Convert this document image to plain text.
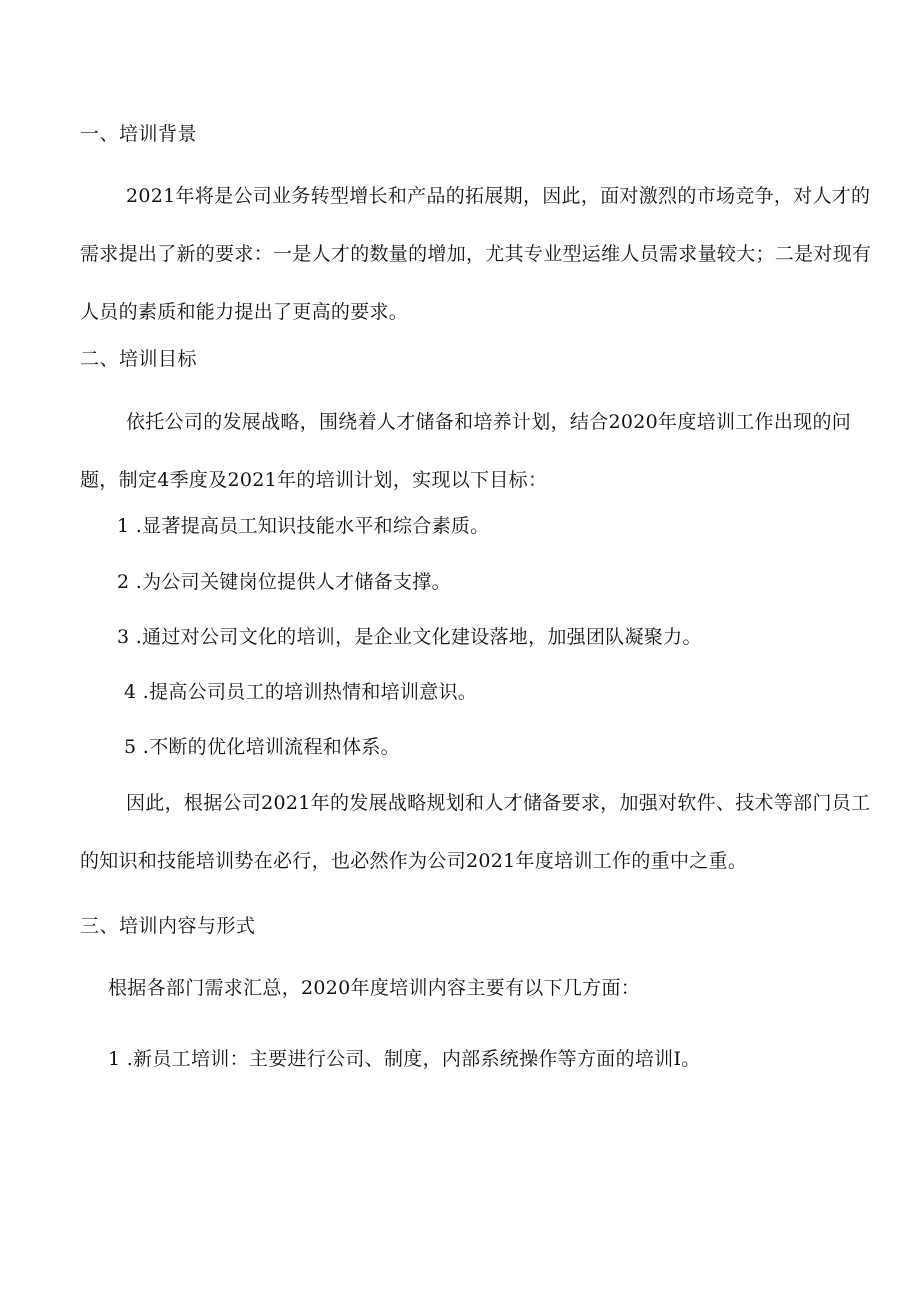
一、培训背景
2021年将是公司业务转型增长和产品的拓展期，因此，面对激烈的市场竞争，对人才的需求提出了新的要求：一是人才的数量的增加，尤其专业型运维人员需求量较大；二是对现有人员的素质和能力提出了更高的要求。
二、培训目标
依托公司的发展战略，围绕着人才储备和培养计划，结合2020年度培训工作出现的问题，制定4季度及2021年的培训计划，实现以下目标：
1 .显著提高员工知识技能水平和综合素质。
2 .为公司关键岗位提供人才储备支撑。
3 .通过对公司文化的培训，是企业文化建设落地，加强团队凝聚力。
4 .提高公司员工的培训热情和培训意识。
5 .不断的优化培训流程和体系。
因此，根据公司2021年的发展战略规划和人才储备要求，加强对软件、技术等部门员工的知识和技能培训势在必行，也必然作为公司2021年度培训工作的重中之重。
三、培训内容与形式
根据各部门需求汇总，2020年度培训内容主要有以下几方面：
1 .新员工培训：主要进行公司、制度，内部系统操作等方面的培训I。
